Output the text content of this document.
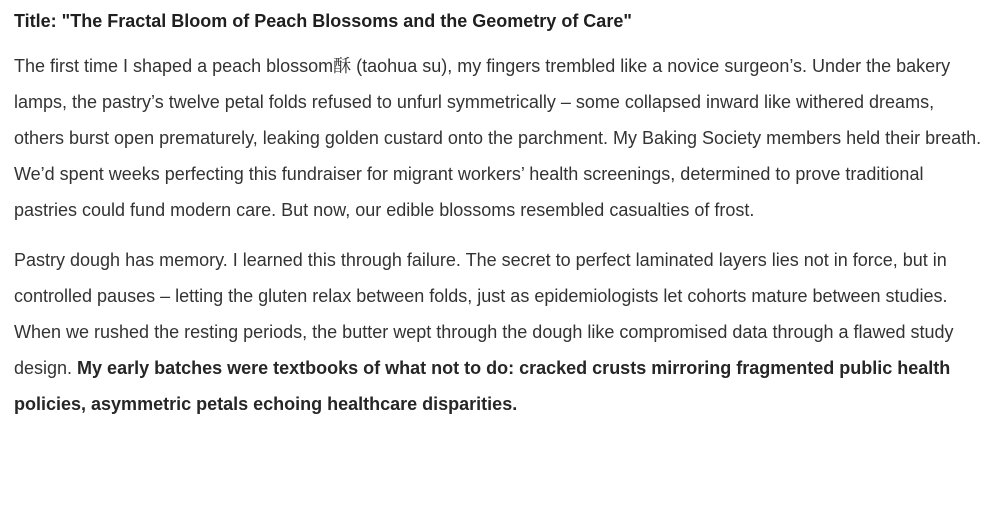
Title: "The Fractal Bloom of Peach Blossoms and the Geometry of Care"

The first time I shaped a peach blossom酥 (taohua su), my fingers trembled like a novice surgeon’s. Under the bakery lamps, the pastry’s twelve petal folds refused to unfurl symmetrically – some collapsed inward like withered dreams, others burst open prematurely, leaking golden custard onto the parchment. My Baking Society members held their breath. We’d spent weeks perfecting this fundraiser for migrant workers’ health screenings, determined to prove traditional pastries could fund modern care. But now, our edible blossoms resembled casualties of frost.

Pastry dough has memory. I learned this through failure. The secret to perfect laminated layers lies not in force, but in controlled pauses – letting the gluten relax between folds, just as epidemiologists let cohorts mature between studies. When we rushed the resting periods, the butter wept through the dough like compromised data through a flawed study design. My early batches were textbooks of what not to do: cracked crusts mirroring fragmented public health policies, asymmetric petals echoing healthcare disparities.
